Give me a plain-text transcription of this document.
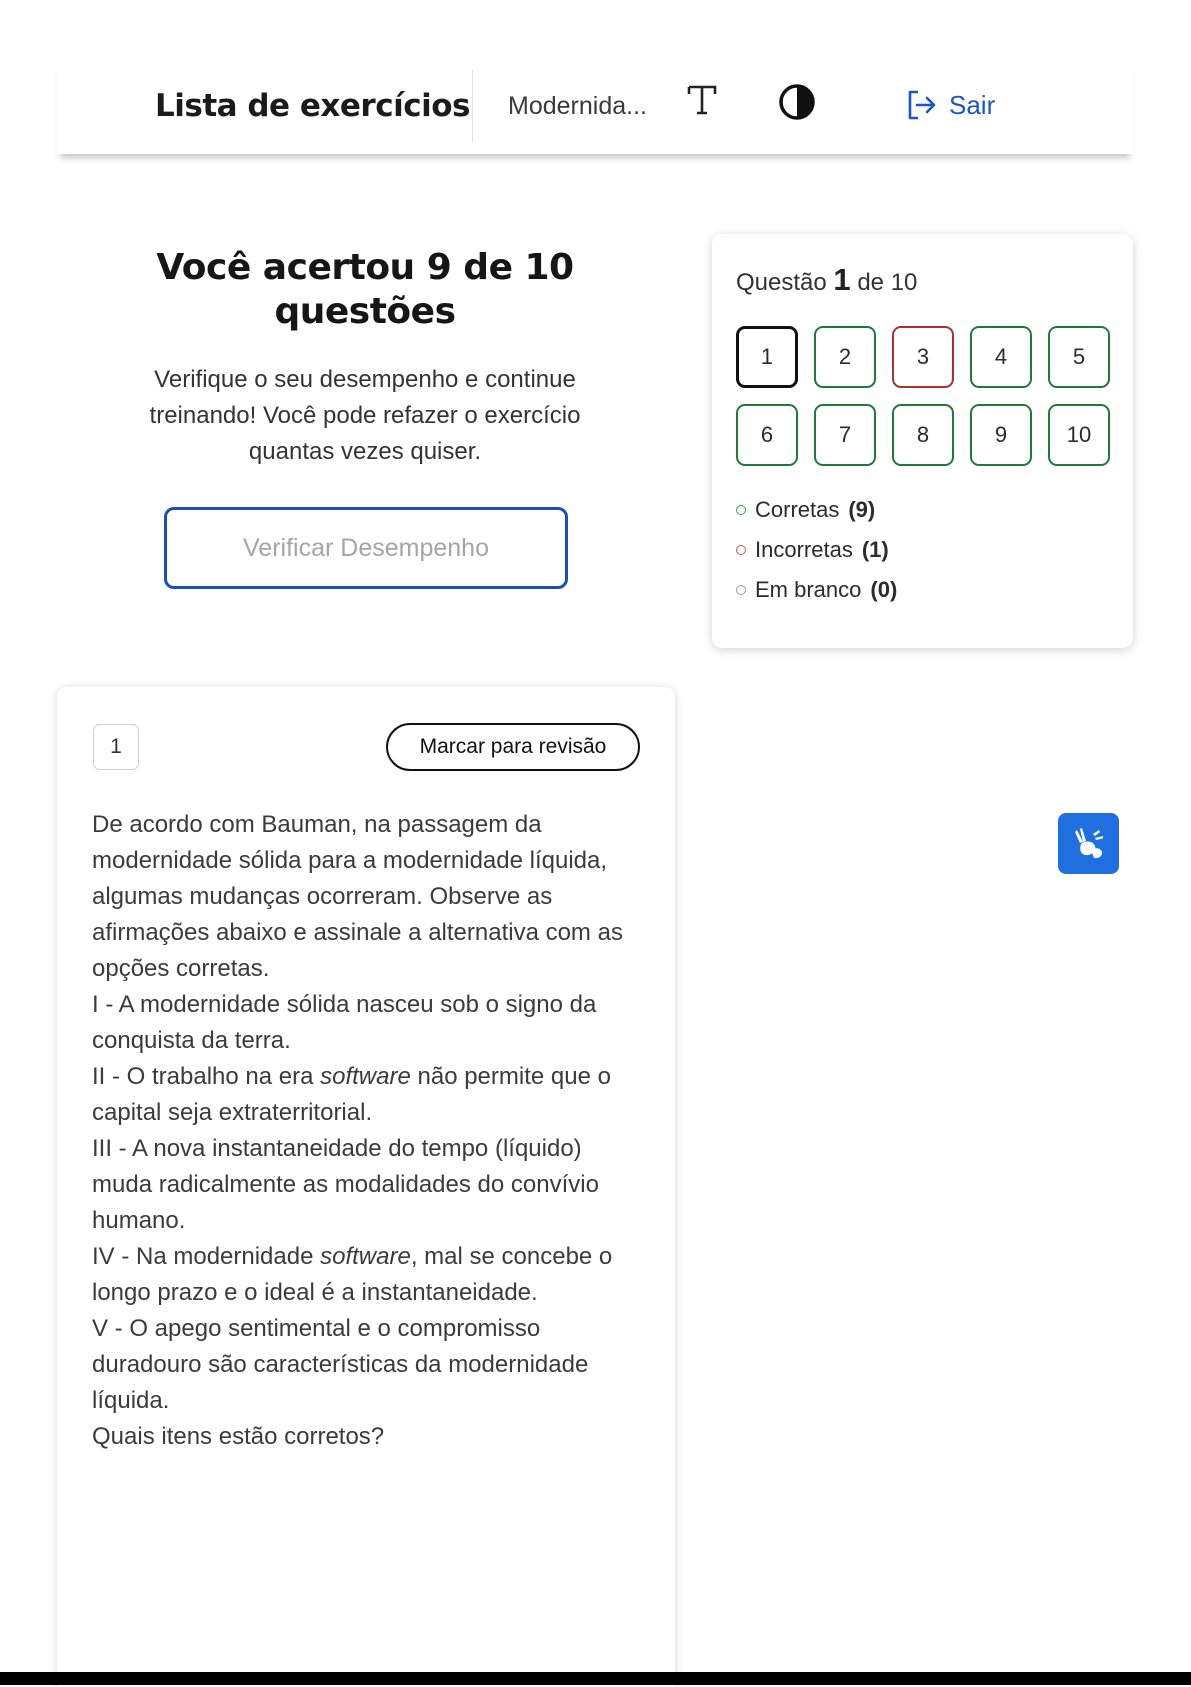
Lista de exercícios Modernida...	Sair
Você acertou 9 de 10 questões
Verifique o seu desempenho e continue treinando! Você pode refazer o exercício quantas vezes quiser.
Verificar Desempenho
Questão 1 de 10
1	2	3	4	5
6	7	8	9	10
Corretas (9)
Incorretas (1)
Em branco (0)
1	Marcar para revisão

De acordo com Bauman, na passagem da modernidade sólida para a modernidade líquida, algumas mudanças ocorreram. Observe as afirmações abaixo e assinale a alternativa com as opções corretas.

I - A modernidade sólida nasceu sob o signo da conquista da terra.

II - O trabalho na era software não permite que o capital seja extraterritorial.

III - A nova instantaneidade do tempo (líquido) muda radicalmente as modalidades do convívio humano.

IV - Na modernidade software, mal se concebe o longo prazo e o ideal é a instantaneidade.

V - O apego sentimental e o compromisso duradouro são características da modernidade líquida.

Quais itens estão corretos?
